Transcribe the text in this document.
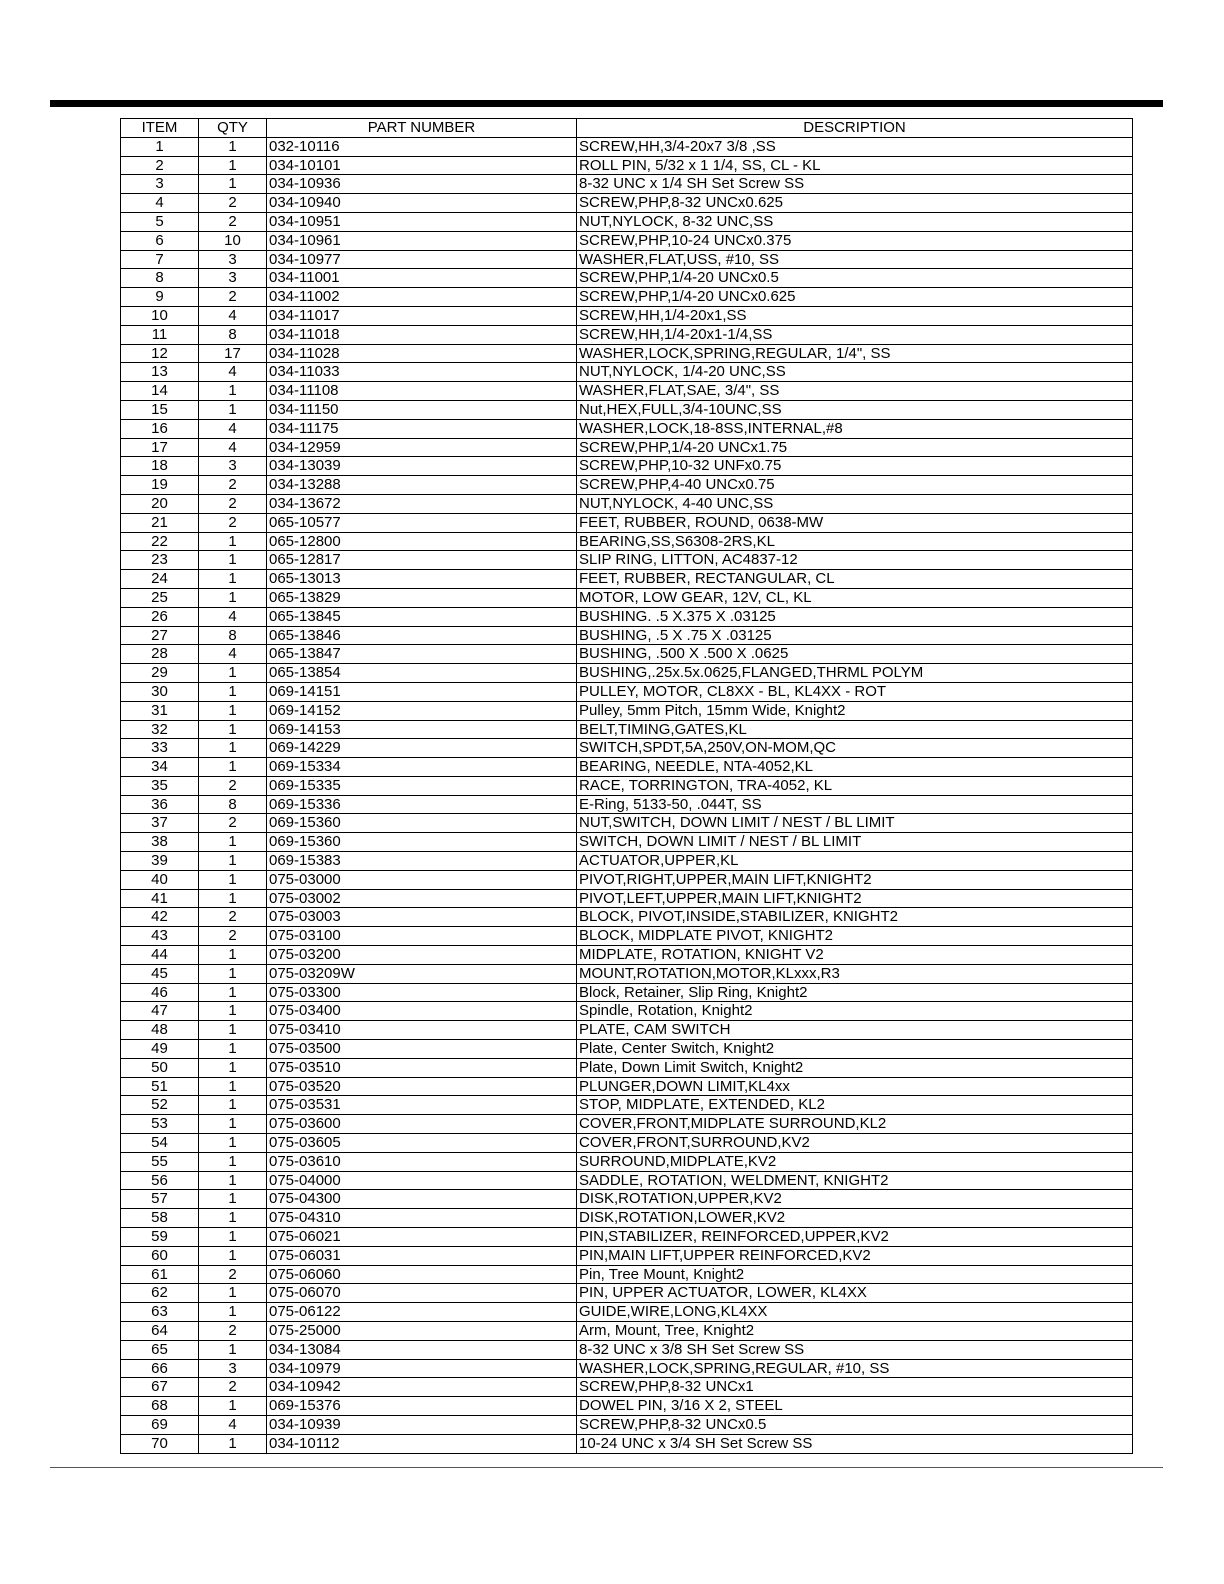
ITEM	QTY	PART NUMBER	DESCRIPTION
1	1	032-10116	SCREW,HH,3/4-20x7 3/8 ,SS
2	1	034-10101	ROLL PIN, 5/32 x 1 1/4, SS, CL - KL
3	1	034-10936	8-32 UNC x 1/4 SH Set Screw SS
4	2	034-10940	SCREW,PHP,8-32 UNCx0.625
5	2	034-10951	NUT,NYLOCK, 8-32 UNC,SS
6	10	034-10961	SCREW,PHP,10-24 UNCx0.375
7	3	034-10977	WASHER,FLAT,USS, #10, SS
8	3	034-11001	SCREW,PHP,1/4-20 UNCx0.5
9	2	034-11002	SCREW,PHP,1/4-20 UNCx0.625
10	4	034-11017	SCREW,HH,1/4-20x1,SS
11	8	034-11018	SCREW,HH,1/4-20x1-1/4,SS
12	17	034-11028	WASHER,LOCK,SPRING,REGULAR, 1/4", SS
13	4	034-11033	NUT,NYLOCK, 1/4-20 UNC,SS
14	1	034-11108	WASHER,FLAT,SAE, 3/4", SS
15	1	034-11150	Nut,HEX,FULL,3/4-10UNC,SS
16	4	034-11175	WASHER,LOCK,18-8SS,INTERNAL,#8
17	4	034-12959	SCREW,PHP,1/4-20 UNCx1.75
18	3	034-13039	SCREW,PHP,10-32 UNFx0.75
19	2	034-13288	SCREW,PHP,4-40 UNCx0.75
20	2	034-13672	NUT,NYLOCK, 4-40 UNC,SS
21	2	065-10577	FEET, RUBBER, ROUND, 0638-MW
22	1	065-12800	BEARING,SS,S6308-2RS,KL
23	1	065-12817	SLIP RING, LITTON, AC4837-12
24	1	065-13013	FEET, RUBBER, RECTANGULAR, CL
25	1	065-13829	MOTOR, LOW GEAR, 12V, CL, KL
26	4	065-13845	BUSHING. .5 X.375 X .03125
27	8	065-13846	BUSHING, .5 X .75 X .03125
28	4	065-13847	BUSHING, .500 X .500 X .0625
29	1	065-13854	BUSHING,.25x.5x.0625,FLANGED,THRML POLYM
30	1	069-14151	PULLEY, MOTOR, CL8XX - BL, KL4XX - ROT
31	1	069-14152	Pulley, 5mm Pitch, 15mm Wide, Knight2
32	1	069-14153	BELT,TIMING,GATES,KL
33	1	069-14229	SWITCH,SPDT,5A,250V,ON-MOM,QC
34	1	069-15334	BEARING, NEEDLE, NTA-4052,KL
35	2	069-15335	RACE, TORRINGTON, TRA-4052, KL
36	8	069-15336	E-Ring, 5133-50, .044T, SS
37	2	069-15360	NUT,SWITCH, DOWN LIMIT / NEST / BL LIMIT
38	1	069-15360	SWITCH, DOWN LIMIT / NEST / BL LIMIT
39	1	069-15383	ACTUATOR,UPPER,KL
40	1	075-03000	PIVOT,RIGHT,UPPER,MAIN LIFT,KNIGHT2
41	1	075-03002	PIVOT,LEFT,UPPER,MAIN LIFT,KNIGHT2
42	2	075-03003	BLOCK, PIVOT,INSIDE,STABILIZER, KNIGHT2
43	2	075-03100	BLOCK, MIDPLATE PIVOT, KNIGHT2
44	1	075-03200	MIDPLATE, ROTATION, KNIGHT V2
45	1	075-03209W	MOUNT,ROTATION,MOTOR,KLxxx,R3
46	1	075-03300	Block, Retainer, Slip Ring, Knight2
47	1	075-03400	Spindle, Rotation, Knight2
48	1	075-03410	PLATE, CAM SWITCH
49	1	075-03500	Plate, Center Switch, Knight2
50	1	075-03510	Plate, Down Limit Switch, Knight2
51	1	075-03520	PLUNGER,DOWN LIMIT,KL4xx
52	1	075-03531	STOP, MIDPLATE, EXTENDED, KL2
53	1	075-03600	COVER,FRONT,MIDPLATE SURROUND,KL2
54	1	075-03605	COVER,FRONT,SURROUND,KV2
55	1	075-03610	SURROUND,MIDPLATE,KV2
56	1	075-04000	SADDLE, ROTATION, WELDMENT, KNIGHT2
57	1	075-04300	DISK,ROTATION,UPPER,KV2
58	1	075-04310	DISK,ROTATION,LOWER,KV2
59	1	075-06021	PIN,STABILIZER, REINFORCED,UPPER,KV2
60	1	075-06031	PIN,MAIN LIFT,UPPER REINFORCED,KV2
61	2	075-06060	Pin, Tree Mount, Knight2
62	1	075-06070	PIN, UPPER ACTUATOR, LOWER, KL4XX
63	1	075-06122	GUIDE,WIRE,LONG,KL4XX
64	2	075-25000	Arm, Mount, Tree, Knight2
65	1	034-13084	8-32 UNC x 3/8 SH Set Screw SS
66	3	034-10979	WASHER,LOCK,SPRING,REGULAR, #10, SS
67	2	034-10942	SCREW,PHP,8-32 UNCx1
68	1	069-15376	DOWEL PIN, 3/16 X 2, STEEL
69	4	034-10939	SCREW,PHP,8-32 UNCx0.5
70	1	034-10112	10-24 UNC x 3/4 SH Set Screw SS
